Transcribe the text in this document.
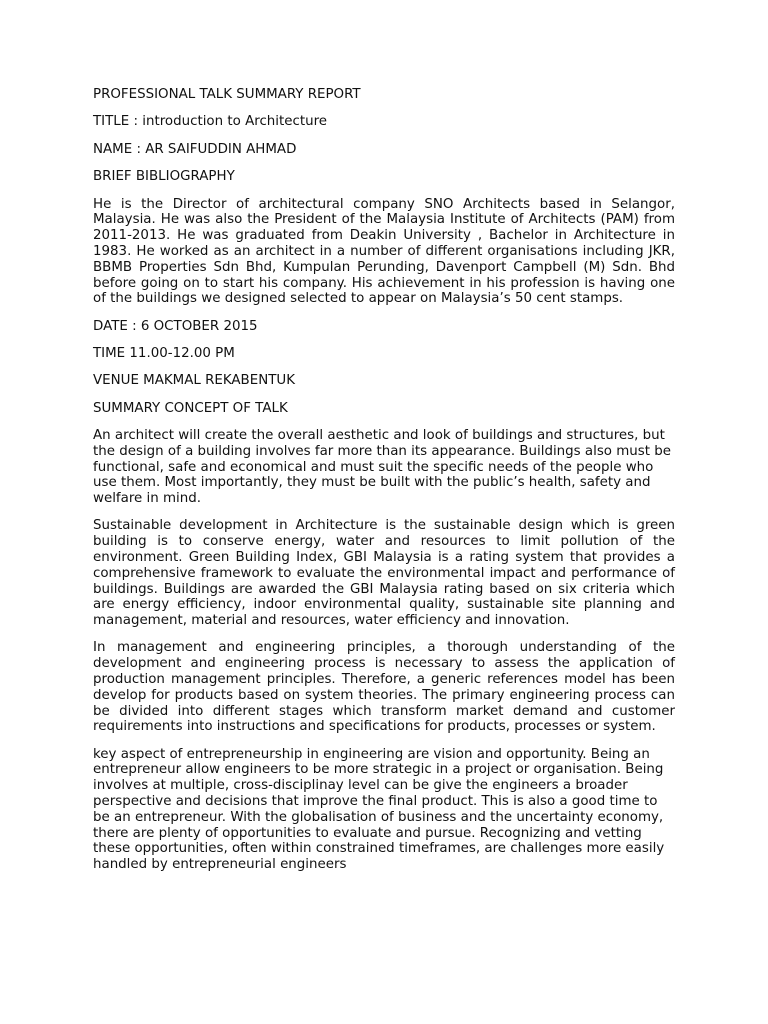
PROFESSIONAL TALK SUMMARY REPORT
TITLE : introduction to Architecture
NAME : AR SAIFUDDIN AHMAD
BRIEF BIBLIOGRAPHY

He is the Director of architectural company SNO Architects based in Selangor, Malaysia. He was also the President of the Malaysia Institute of Architects (PAM) from 2011-2013. He was graduated from Deakin University , Bachelor in Architecture in 1983. He worked as an architect in a number of different organisations including JKR, BBMB Properties Sdn Bhd, Kumpulan Perunding, Davenport Campbell (M) Sdn. Bhd before going on to start his company. His achievement in his profession is having one of the buildings we designed selected to appear on Malaysia’s 50 cent stamps.

DATE : 6 OCTOBER 2015
TIME 11.00-12.00 PM
VENUE MAKMAL REKABENTUK
SUMMARY CONCEPT OF TALK

An architect will create the overall aesthetic and look of buildings and structures, but the design of a building involves far more than its appearance. Buildings also must be functional, safe and economical and must suit the specific needs of the people who use them. Most importantly, they must be built with the public’s health, safety and welfare in mind.

Sustainable development in Architecture is the sustainable design which is green building is to conserve energy, water and resources to limit pollution of the environment. Green Building Index, GBI Malaysia is a rating system that provides a comprehensive framework to evaluate the environmental impact and performance of buildings. Buildings are awarded the GBI Malaysia rating based on six criteria which are energy efficiency, indoor environmental quality, sustainable site planning and management, material and resources, water efficiency and innovation.

In management and engineering principles, a thorough understanding of the development and engineering process is necessary to assess the application of production management principles. Therefore, a generic references model has been develop for products based on system theories. The primary engineering process can be divided into different stages which transform market demand and customer requirements into instructions and specifications for products, processes or system.

key aspect of entrepreneurship in engineering are vision and opportunity. Being an entrepreneur allow engineers to be more strategic in a project or organisation. Being involves at multiple, cross-disciplinay level can be give the engineers a broader perspective and decisions that improve the final product. This is also a good time to be an entrepreneur. With the globalisation of business and the uncertainty economy, there are plenty of opportunities to evaluate and pursue. Recognizing and vetting these opportunities, often within constrained timeframes, are challenges more easily handled by entrepreneurial engineers
